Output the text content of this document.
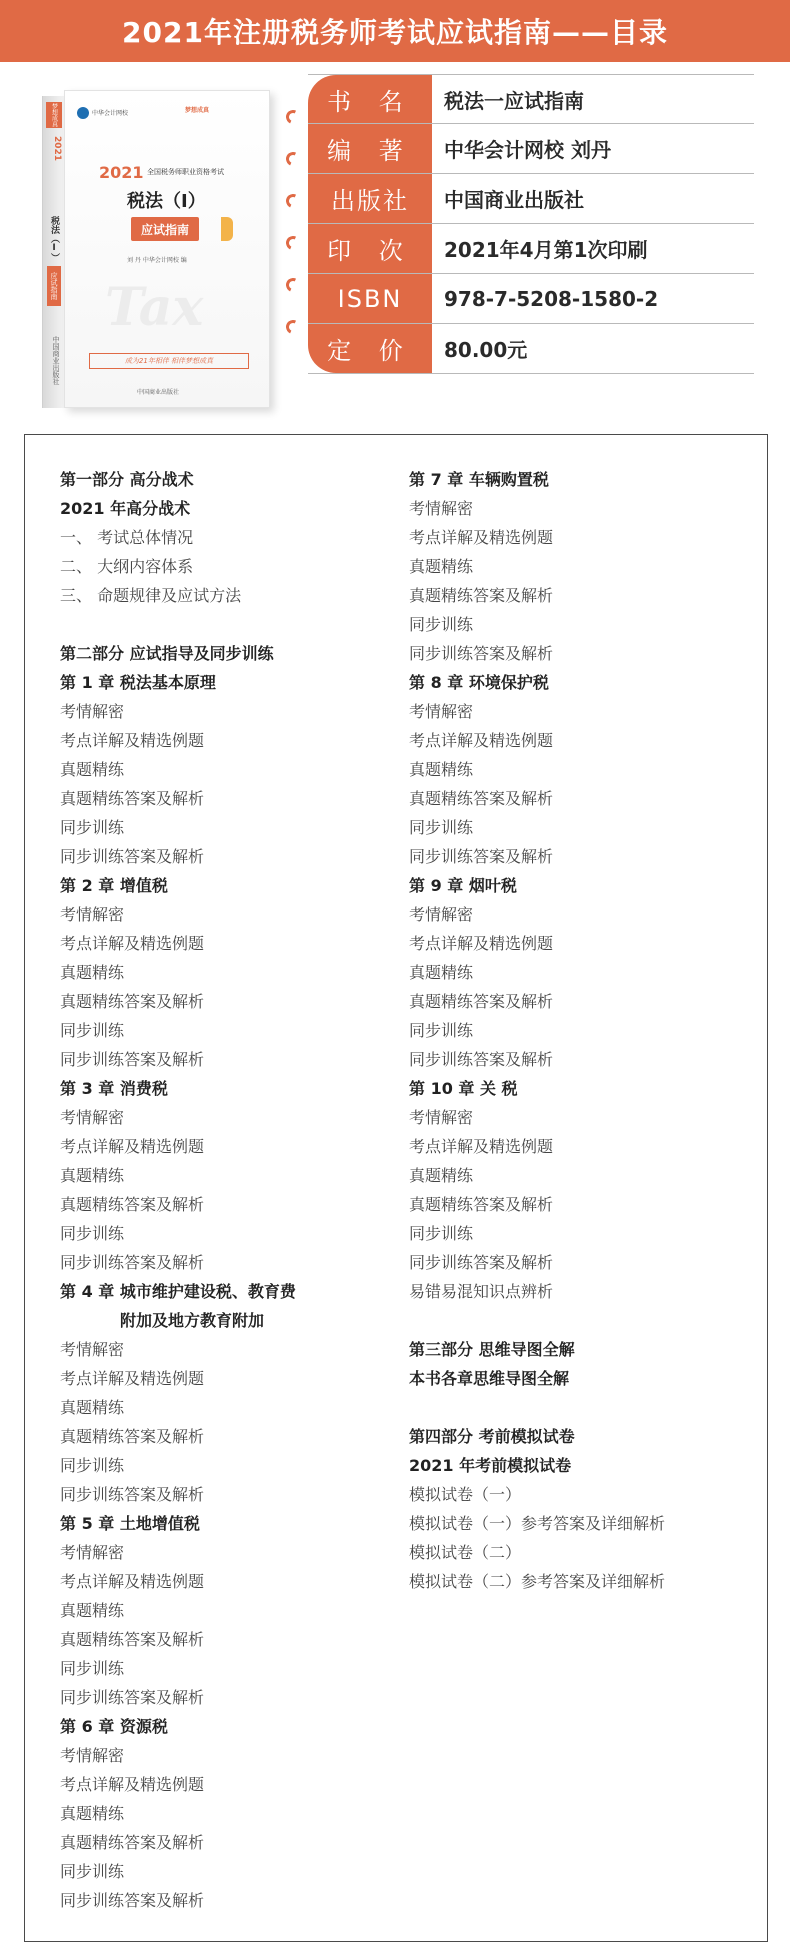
2021年注册税务师考试应试指南——目录
梦想成真
2021
税法（Ⅰ）
应试指南
中国商业出版社
中华会计网校	梦想成真
2021 全国税务师职业资格考试
税法（Ⅰ）
应试指南
刘 丹 中华会计网校 编
Tax
成为21年相伴 相伴梦想成真
中国商业出版社
书 名	税法一应试指南
编 著	中华会计网校 刘丹
出版社	中国商业出版社
印 次	2021年4月第1次印刷
ISBN	978-7-5208-1580-2
定 价	80.00元
第一部分 高分战术
2021 年高分战术
一、 考试总体情况
二、 大纲内容体系
三、 命题规律及应试方法
第二部分 应试指导及同步训练
第 1 章 税法基本原理
考情解密
考点详解及精选例题
真题精练
真题精练答案及解析
同步训练
同步训练答案及解析
第 2 章 增值税
考情解密
考点详解及精选例题
真题精练
真题精练答案及解析
同步训练
同步训练答案及解析
第 3 章 消费税
考情解密
考点详解及精选例题
真题精练
真题精练答案及解析
同步训练
同步训练答案及解析
第 4 章 城市维护建设税、教育费
附加及地方教育附加
考情解密
考点详解及精选例题
真题精练
真题精练答案及解析
同步训练
同步训练答案及解析
第 5 章 土地增值税
考情解密
考点详解及精选例题
真题精练
真题精练答案及解析
同步训练
同步训练答案及解析
第 6 章 资源税
考情解密
考点详解及精选例题
真题精练
真题精练答案及解析
同步训练
同步训练答案及解析
第 7 章 车辆购置税
考情解密
考点详解及精选例题
真题精练
真题精练答案及解析
同步训练
同步训练答案及解析
第 8 章 环境保护税
考情解密
考点详解及精选例题
真题精练
真题精练答案及解析
同步训练
同步训练答案及解析
第 9 章 烟叶税
考情解密
考点详解及精选例题
真题精练
真题精练答案及解析
同步训练
同步训练答案及解析
第 10 章 关 税
考情解密
考点详解及精选例题
真题精练
真题精练答案及解析
同步训练
同步训练答案及解析
易错易混知识点辨析
第三部分 思维导图全解
本书各章思维导图全解
第四部分 考前模拟试卷
2021 年考前模拟试卷
模拟试卷（一）
模拟试卷（一）参考答案及详细解析
模拟试卷（二）
模拟试卷（二）参考答案及详细解析
